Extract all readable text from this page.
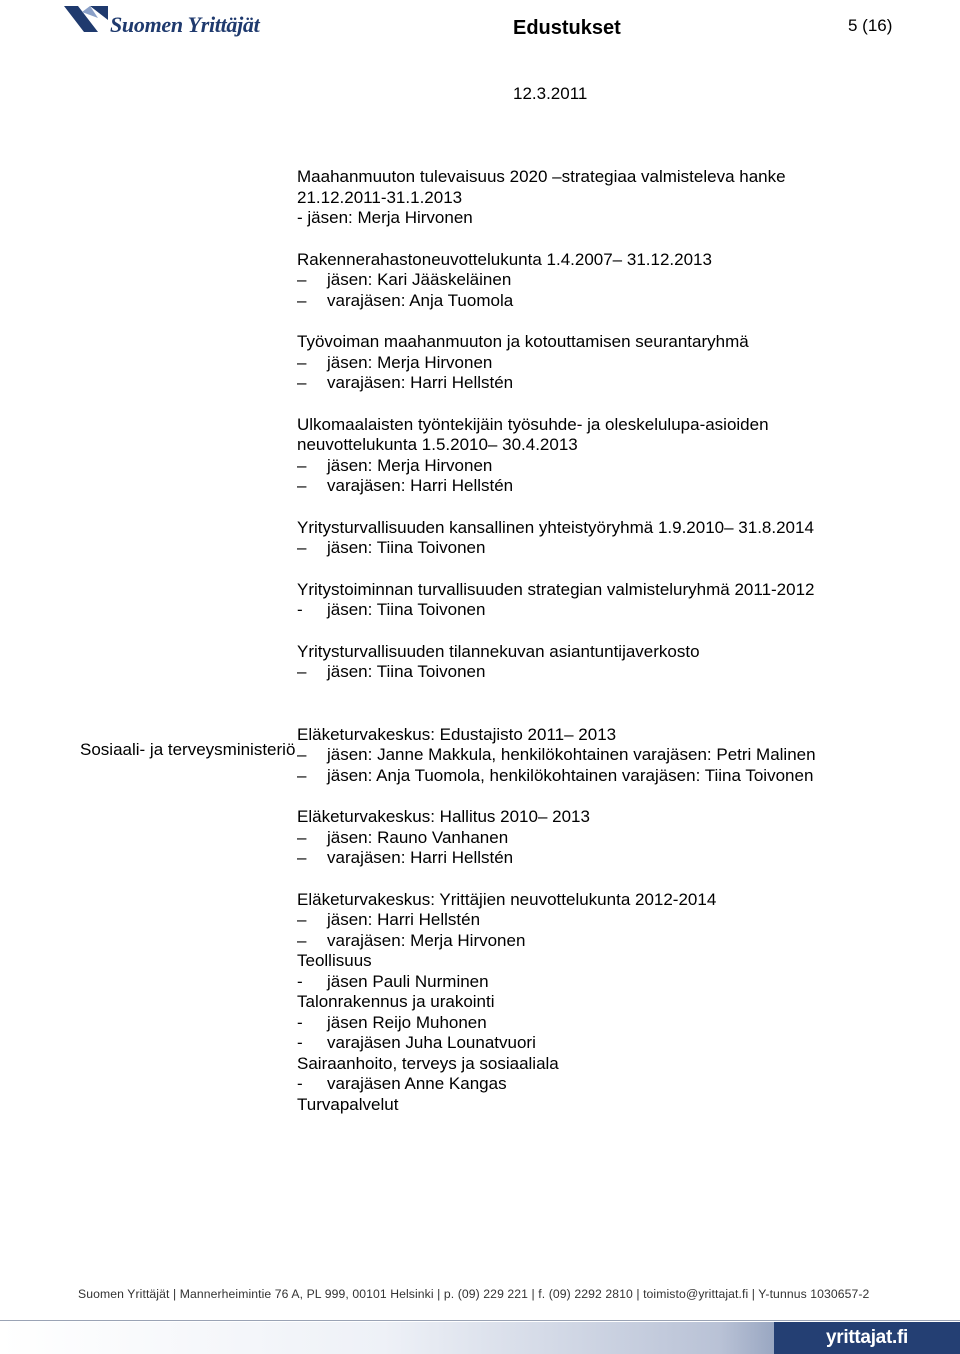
Suomen Yrittäjät	Edustukset	5 (16)
12.3.2011
Sosiaali- ja terveysministeriö
Maahanmuuton tulevaisuus 2020 –strategiaa valmisteleva hanke
21.12.2011-31.1.2013
- jäsen: Merja Hirvonen
Rakennerahastoneuvottelukunta 1.4.2007– 31.12.2013
–	jäsen: Kari Jääskeläinen
–	varajäsen: Anja Tuomola
Työvoiman maahanmuuton ja kotouttamisen seurantaryhmä
–	jäsen: Merja Hirvonen
–	varajäsen: Harri Hellstén
Ulkomaalaisten työntekijäin työsuhde- ja oleskelulupa-asioiden
neuvottelukunta 1.5.2010– 30.4.2013
–	jäsen: Merja Hirvonen
–	varajäsen: Harri Hellstén
Yritysturvallisuuden kansallinen yhteistyöryhmä 1.9.2010– 31.8.2014
–	jäsen: Tiina Toivonen
Yritystoiminnan turvallisuuden strategian valmisteluryhmä 2011-2012
-	jäsen: Tiina Toivonen
Yritysturvallisuuden tilannekuvan asiantuntijaverkosto
–	jäsen: Tiina Toivonen
Eläketurvakeskus: Edustajisto 2011– 2013
–	jäsen: Janne Makkula, henkilökohtainen varajäsen: Petri Malinen
–	jäsen: Anja Tuomola, henkilökohtainen varajäsen: Tiina Toivonen
Eläketurvakeskus: Hallitus 2010– 2013
–	jäsen: Rauno Vanhanen
–	varajäsen: Harri Hellstén
Eläketurvakeskus: Yrittäjien neuvottelukunta 2012-2014
–	jäsen: Harri Hellstén
–	varajäsen: Merja Hirvonen
Teollisuus
-	jäsen Pauli Nurminen
Talonrakennus ja urakointi
-	jäsen Reijo Muhonen
-	varajäsen Juha Lounatvuori
Sairaanhoito, terveys ja sosiaaliala
-	varajäsen Anne Kangas
Turvapalvelut
Suomen Yrittäjät | Mannerheimintie 76 A, PL 999, 00101 Helsinki | p. (09) 229 221 | f. (09) 2292 2810 | toimisto@yrittajat.fi | Y-tunnus 1030657-2
yrittajat.fi
